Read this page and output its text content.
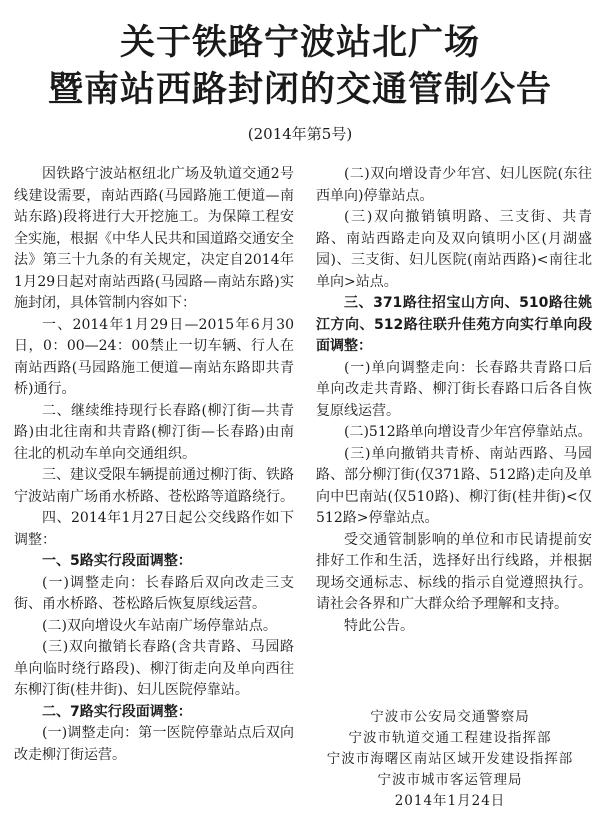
关于铁路宁波站北广场

暨南站西路封闭的交通管制公告

(2014年第5号)

因铁路宁波站枢纽北广场及轨道交通2号线建设需要，南站西路(马园路施工便道—南站东路)段将进行大开挖施工。为保障工程安全实施，根据《中华人民共和国道路交通安全法》第三十九条的有关规定，决定自2014年1月29日起对南站西路(马园路—南站东路)实施封闭，具体管制内容如下：

一、2014年1月29日—2015年6月30日，0：00—24：00禁止一切车辆、行人在南站西路(马园路施工便道—南站东路即共青桥)通行。

二、继续维持现行长春路(柳汀街—共青路)由北往南和共青路(柳汀街—长春路)由南往北的机动车单向交通组织。

三、建议受限车辆提前通过柳汀街、铁路宁波站南广场甬水桥路、苍松路等道路绕行。

四、2014年1月27日起公交线路作如下调整：

一、5路实行段面调整：

(一)调整走向：长春路后双向改走三支街、甬水桥路、苍松路后恢复原线运营。

(二)双向增设火车站南广场停靠站点。

(三)双向撤销长春路(含共青路、马园路单向临时绕行路段)、柳汀街走向及单向西往东柳汀街(桂井街)、妇儿医院停靠站。

二、7路实行段面调整：

(一)调整走向：第一医院停靠站点后双向改走柳汀街运营。

(二)双向增设青少年宫、妇儿医院(东往西单向)停靠站点。

(三)双向撤销镇明路、三支街、共青路、南站西路走向及双向镇明小区(月湖盛园)、三支街、妇儿医院(南站西路)<南往北单向>站点。

三、371路往招宝山方向、510路往姚江方向、512路往联升佳苑方向实行单向段面调整：

(一)单向调整走向：长春路共青路口后单向改走共青路、柳汀街长春路口后各自恢复原线运营。

(二)512路单向增设青少年宫停靠站点。

(三)单向撤销共青桥、南站西路、马园路、部分柳汀街(仅371路、512路)走向及单向中巴南站(仅510路)、柳汀街(桂井街)<仅512路>停靠站点。

受交通管制影响的单位和市民请提前安排好工作和生活，选择好出行线路，并根据现场交通标志、标线的指示自觉遵照执行。请社会各界和广大群众给予理解和支持。

特此公告。

宁波市公安局交通警察局
宁波市轨道交通工程建设指挥部
宁波市海曙区南站区域开发建设指挥部
宁波市城市客运管理局
2014年1月24日
